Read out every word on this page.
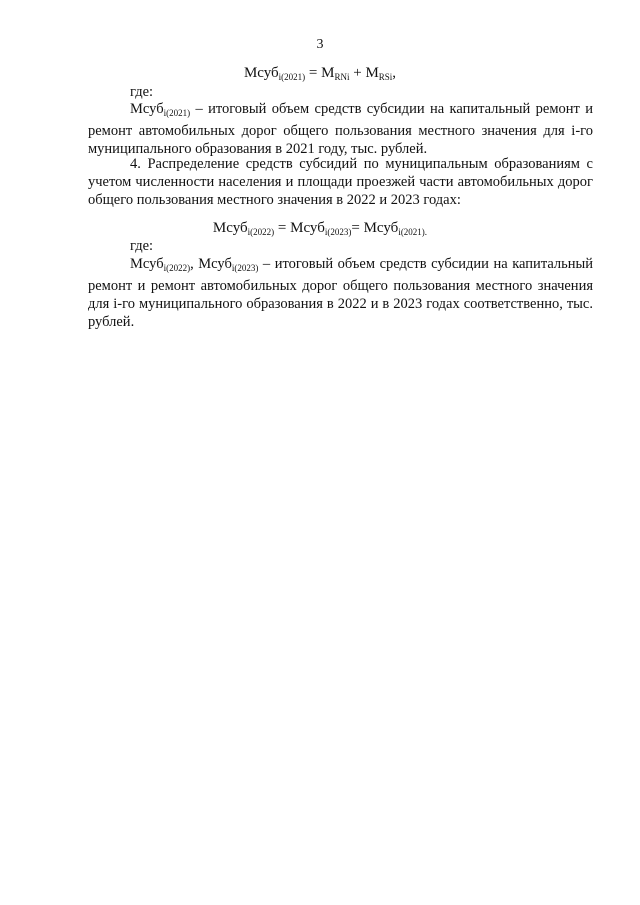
3
Мсуб$_{i(2021)}$ = $M_{RNi} + M_{RSi}$,
где:
Мсуб$_{i(2021)}$ – итоговый объем средств субсидии на капитальный ремонт и ремонт автомобильных дорог общего пользования местного значения для i-го муниципального образования в 2021 году, тыс. рублей.
4. Распределение средств субсидий по муниципальным образованиям с учетом численности населения и площади проезжей части автомобильных дорог общего пользования местного значения в 2022 и 2023 годах:
Мсуб$_{i(2022)}$ = Мсуб$_{i(2023)}$= Мсуб$_{i(2021).}$
где:
Мсуб$_{i(2022)}$, Мсуб$_{i(2023)}$ – итоговый объем средств субсидии на капитальный ремонт и ремонт автомобильных дорог общего пользования местного значения для i-го муниципального образования в 2022 и в 2023 годах соответственно, тыс. рублей.
